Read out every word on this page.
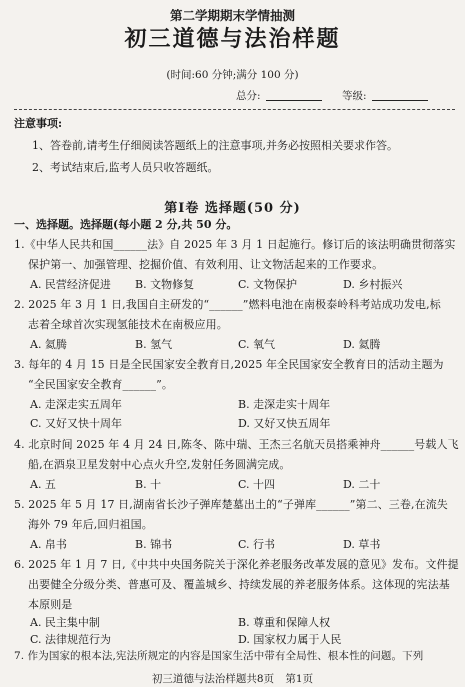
第二学期期末学情抽测
初三道德与法治样题
(时间:60 分钟;满分 100 分)
总分:	等级:
注意事项:
1、答卷前,请考生仔细阅读答题纸上的注意事项,并务必按照相关要求作答。
2、考试结束后,监考人员只收答题纸。
第Ⅰ卷 选择题(50 分)
一、选择题。选择题(每小题 2 分,共 50 分。
1.《中华人民共和国______法》自 2025 年 3 月 1 日起施行。修订后的该法明确贯彻落实
保护第一、加强管理、挖掘价值、有效利用、让文物活起来的工作要求。
A. 民营经济促进 B. 文物修复	C. 文物保护	D. 乡村振兴
2. 2025 年 3 月 1 日,我国自主研发的“______”燃料电池在南极泰岭科考站成功发电,标
志着全球首次实现氢能技术在南极应用。
A. 氦腾	B. 氢气	C. 氧气	D. 氦腾
3. 每年的 4 月 15 日是全民国家安全教育日,2025 年全民国家安全教育日的活动主题为
“全民国家安全教育______”。
A. 走深走实五周年	B. 走深走实十周年
C. 又好又快十周年	D. 又好又快五周年
4. 北京时间 2025 年 4 月 24 日,陈冬、陈中瑞、王杰三名航天员搭乘神舟______号载人飞
船,在酒泉卫星发射中心点火升空,发射任务圆满完成。
A. 五	B. 十	C. 十四	D. 二十
5. 2025 年 5 月 17 日,湖南省长沙子弹库楚墓出土的“子弹库______”第二、三卷,在流失
海外 79 年后,回归祖国。
A. 帛书	B. 锦书	C. 行书	D. 草书
6. 2025 年 1 月 7 日,《中共中央国务院关于深化养老服务改革发展的意见》发布。文件提
出要健全分级分类、普惠可及、覆盖城乡、持续发展的养老服务体系。这体现的宪法基
本原则是
A. 民主集中制	B. 尊重和保障人权
C. 法律规范行为	D. 国家权力属于人民
7. 作为国家的根本法,宪法所规定的内容是国家生活中带有全局性、根本性的问题。下列
初三道德与法治样题共8页 第1页
